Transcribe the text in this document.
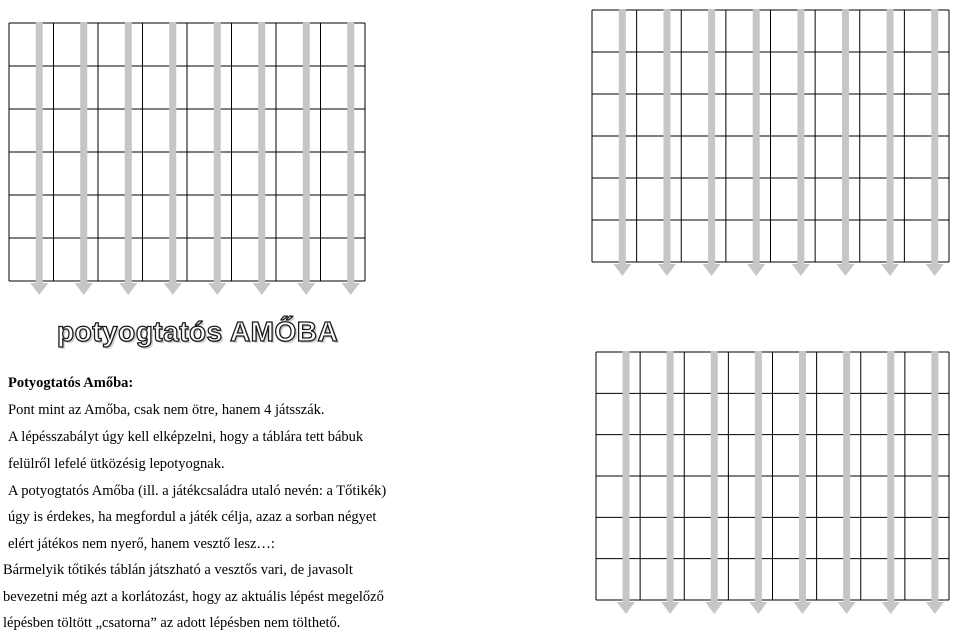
potyogtatós AMŐBA
Potyogtatós Amőba:
Pont mint az Amőba, csak nem ötre, hanem 4 játsszák.
A lépésszabályt úgy kell elképzelni, hogy a táblára tett bábuk
felülről lefelé ütközésig lepotyognak.
A potyogtatós Amőba (ill. a játékcsaládra utaló nevén: a Tőtikék)
úgy is érdekes, ha megfordul a játék célja, azaz a sorban négyet
elért játékos nem nyerő, hanem vesztő lesz…:
Bármelyik tőtikés táblán játszható a vesztős vari, de javasolt
bevezetni még azt a korlátozást, hogy az aktuális lépést megelőző
lépésben töltött „csatorna” az adott lépésben nem tölthető.
